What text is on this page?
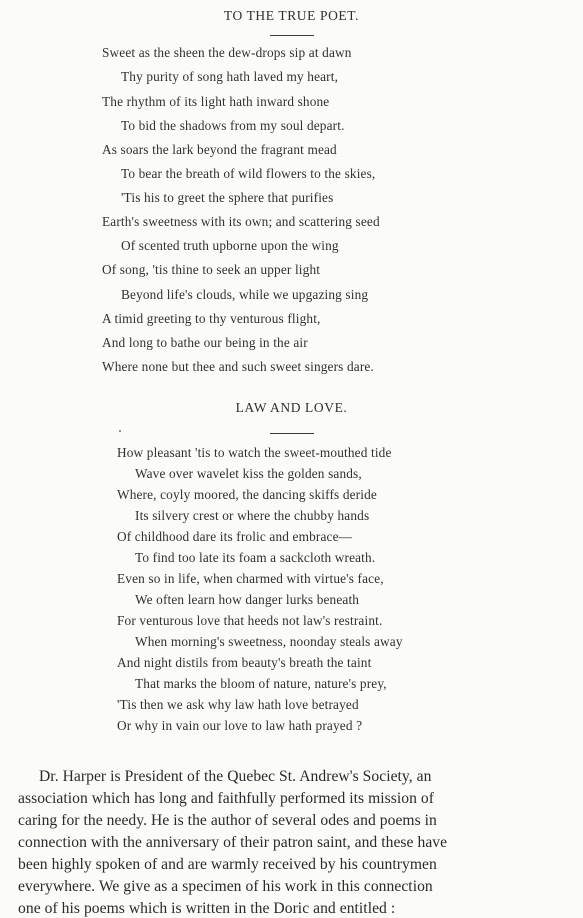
TO THE TRUE POET.
Sweet as the sheen the dew-drops sip at dawn
Thy purity of song hath laved my heart,
The rhythm of its light hath inward shone
To bid the shadows from my soul depart.
As soars the lark beyond the fragrant mead
To bear the breath of wild flowers to the skies,
'Tis his to greet the sphere that purifies
Earth's sweetness with its own; and scattering seed
Of scented truth upborne upon the wing
Of song, 'tis thine to seek an upper light
Beyond life's clouds, while we upgazing sing
A timid greeting to thy venturous flight,
And long to bathe our being in the air
Where none but thee and such sweet singers dare.
LAW AND LOVE.
How pleasant 'tis to watch the sweet-mouthed tide
Wave over wavelet kiss the golden sands,
Where, coyly moored, the dancing skiffs deride
Its silvery crest or where the chubby hands
Of childhood dare its frolic and embrace—
To find too late its foam a sackcloth wreath.
Even so in life, when charmed with virtue's face,
We often learn how danger lurks beneath
For venturous love that heeds not law's restraint.
When morning's sweetness, noonday steals away
And night distils from beauty's breath the taint
That marks the bloom of nature, nature's prey,
'Tis then we ask why law hath love betrayed
Or why in vain our love to law hath prayed ?
Dr. Harper is President of the Quebec St. Andrew's Society, an
association which has long and faithfully performed its mission of
caring for the needy. He is the author of several odes and poems in
connection with the anniversary of their patron saint, and these have
been highly spoken of and are warmly received by his countrymen
everywhere. We give as a specimen of his work in this connection
one of his poems which is written in the Doric and entitled :
